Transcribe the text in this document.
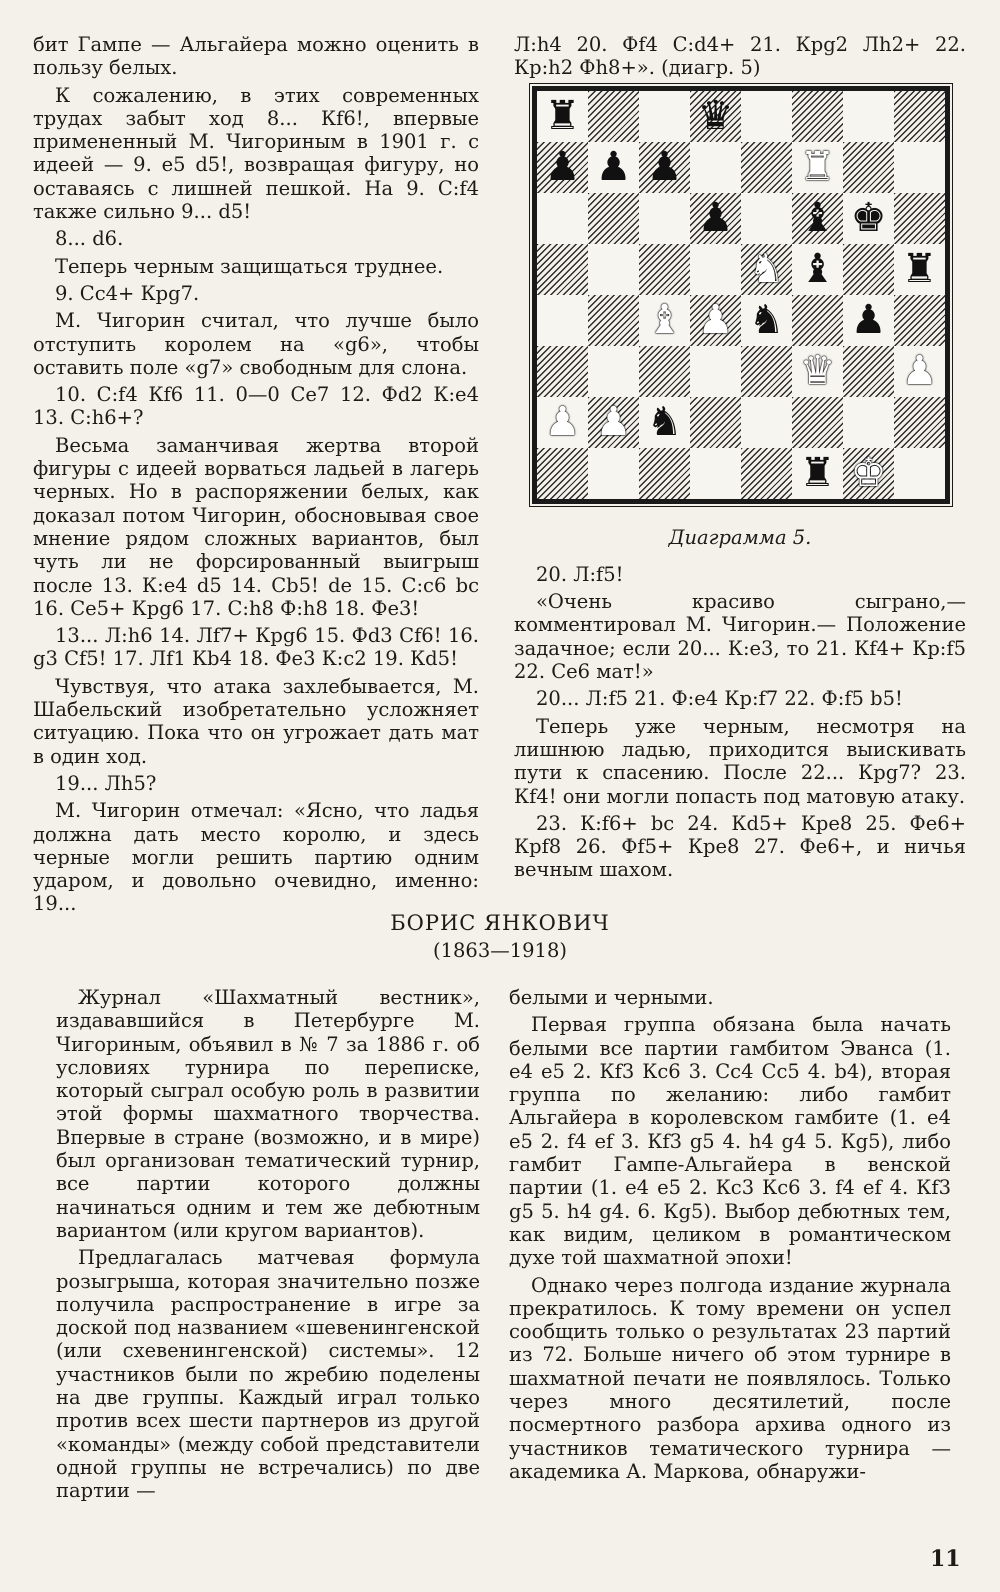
бит Гампе — Альгайера можно оценить в пользу белых.

К сожалению, в этих современных трудах забыт ход 8... Кf6!, впервые примененный М. Чигориным в 1901 г. с идеей — 9. e5 d5!, возвращая фигуру, но оставаясь с лишней пешкой. На 9. С:f4 также сильно 9... d5!

8... d6.

Теперь черным защищаться труднее.

9. Сc4+ Крg7.

М. Чигорин считал, что лучше было отступить королем на «g6», чтобы оставить поле «g7» свободным для слона.

10. С:f4 Кf6 11. 0—0 Сe7 12. Фd2 К:e4 13. С:h6+?

Весьма заманчивая жертва второй фигуры с идеей ворваться ладьей в лагерь черных. Но в распоряжении белых, как доказал потом Чигорин, обосновывая свое мнение рядом сложных вариантов, был чуть ли не форсированный выигрыш после 13. К:e4 d5 14. Сb5! de 15. С:c6 bc 16. Сe5+ Крg6 17. С:h8 Ф:h8 18. Фe3!

13... Л:h6 14. Лf7+ Крg6 15. Фd3 Сf6! 16. g3 Сf5! 17. Лf1 Кb4 18. Фe3 К:c2 19. Кd5!

Чувствуя, что атака захлебывается, М. Шабельский изобретательно усложняет ситуацию. Пока что он угрожает дать мат в один ход.

19... Лh5?

М. Чигорин отмечал: «Ясно, что ладья должна дать место королю, и здесь черные могли решить партию одним ударом, и довольно очевидно, именно: 19...

Л:h4 20. Фf4 С:d4+ 21. Крg2 Лh2+ 22. Кр:h2 Фh8+». (диагр. 5)

♜	♛
♟ ♟ ♟	♜
♟ ♝ ♚
♞ ♝ ♜
♝ ♟ ♞ ♟
♛ ♟
♟ ♟ ♞
♜ ♚
Диаграмма 5.

20. Л:f5!

«Очень красиво сыграно,— комментировал М. Чигорин.— Положение задачное; если 20... К:e3, то 21. Кf4+ Кр:f5 22. Сe6 мат!»

20... Л:f5 21. Ф:e4 Кр:f7 22. Ф:f5 b5!

Теперь уже черным, несмотря на лишнюю ладью, приходится выискивать пути к спасению. После 22... Крg7? 23. Кf4! они могли попасть под матовую атаку.

23. К:f6+ bc 24. Кd5+ Крe8 25. Фe6+ Крf8 26. Фf5+ Крe8 27. Фe6+, и ничья вечным шахом.

БОРИС ЯНКОВИЧ
(1863—1918)

Журнал «Шахматный вестник», издававшийся в Петербурге М. Чигориным, объявил в № 7 за 1886 г. об условиях турнира по переписке, который сыграл особую роль в развитии этой формы шахматного творчества. Впервые в стране (возможно, и в мире) был организован тематический турнир, все партии которого должны начинаться одним и тем же дебютным вариантом (или кругом вариантов).

Предлагалась матчевая формула розыгрыша, которая значительно позже получила распространение в игре за доской под названием «шевенингенской (или схевенингенской) системы». 12 участников были по жребию поделены на две группы. Каждый играл только против всех шести партнеров из другой «команды» (между собой представители одной группы не встречались) по две партии —

белыми и черными.

Первая группа обязана была начать белыми все партии гамбитом Эванса (1. e4 e5 2. Кf3 Кc6 3. Сc4 Сc5 4. b4), вторая группа по желанию: либо гамбит Альгайера в королевском гамбите (1. e4 e5 2. f4 ef 3. Кf3 g5 4. h4 g4 5. Кg5), либо гамбит Гампе-Альгайера в венской партии (1. e4 e5 2. Кc3 Кc6 3. f4 ef 4. Кf3 g5 5. h4 g4. 6. Кg5). Выбор дебютных тем, как видим, целиком в романтическом духе той шахматной эпохи!

Однако через полгода издание журнала прекратилось. К тому времени он успел сообщить только о результатах 23 партий из 72. Больше ничего об этом турнире в шахматной печати не появлялось. Только через много десятилетий, после посмертного разбора архива одного из участников тематического турнира — академика А. Маркова, обнаружи-

11
